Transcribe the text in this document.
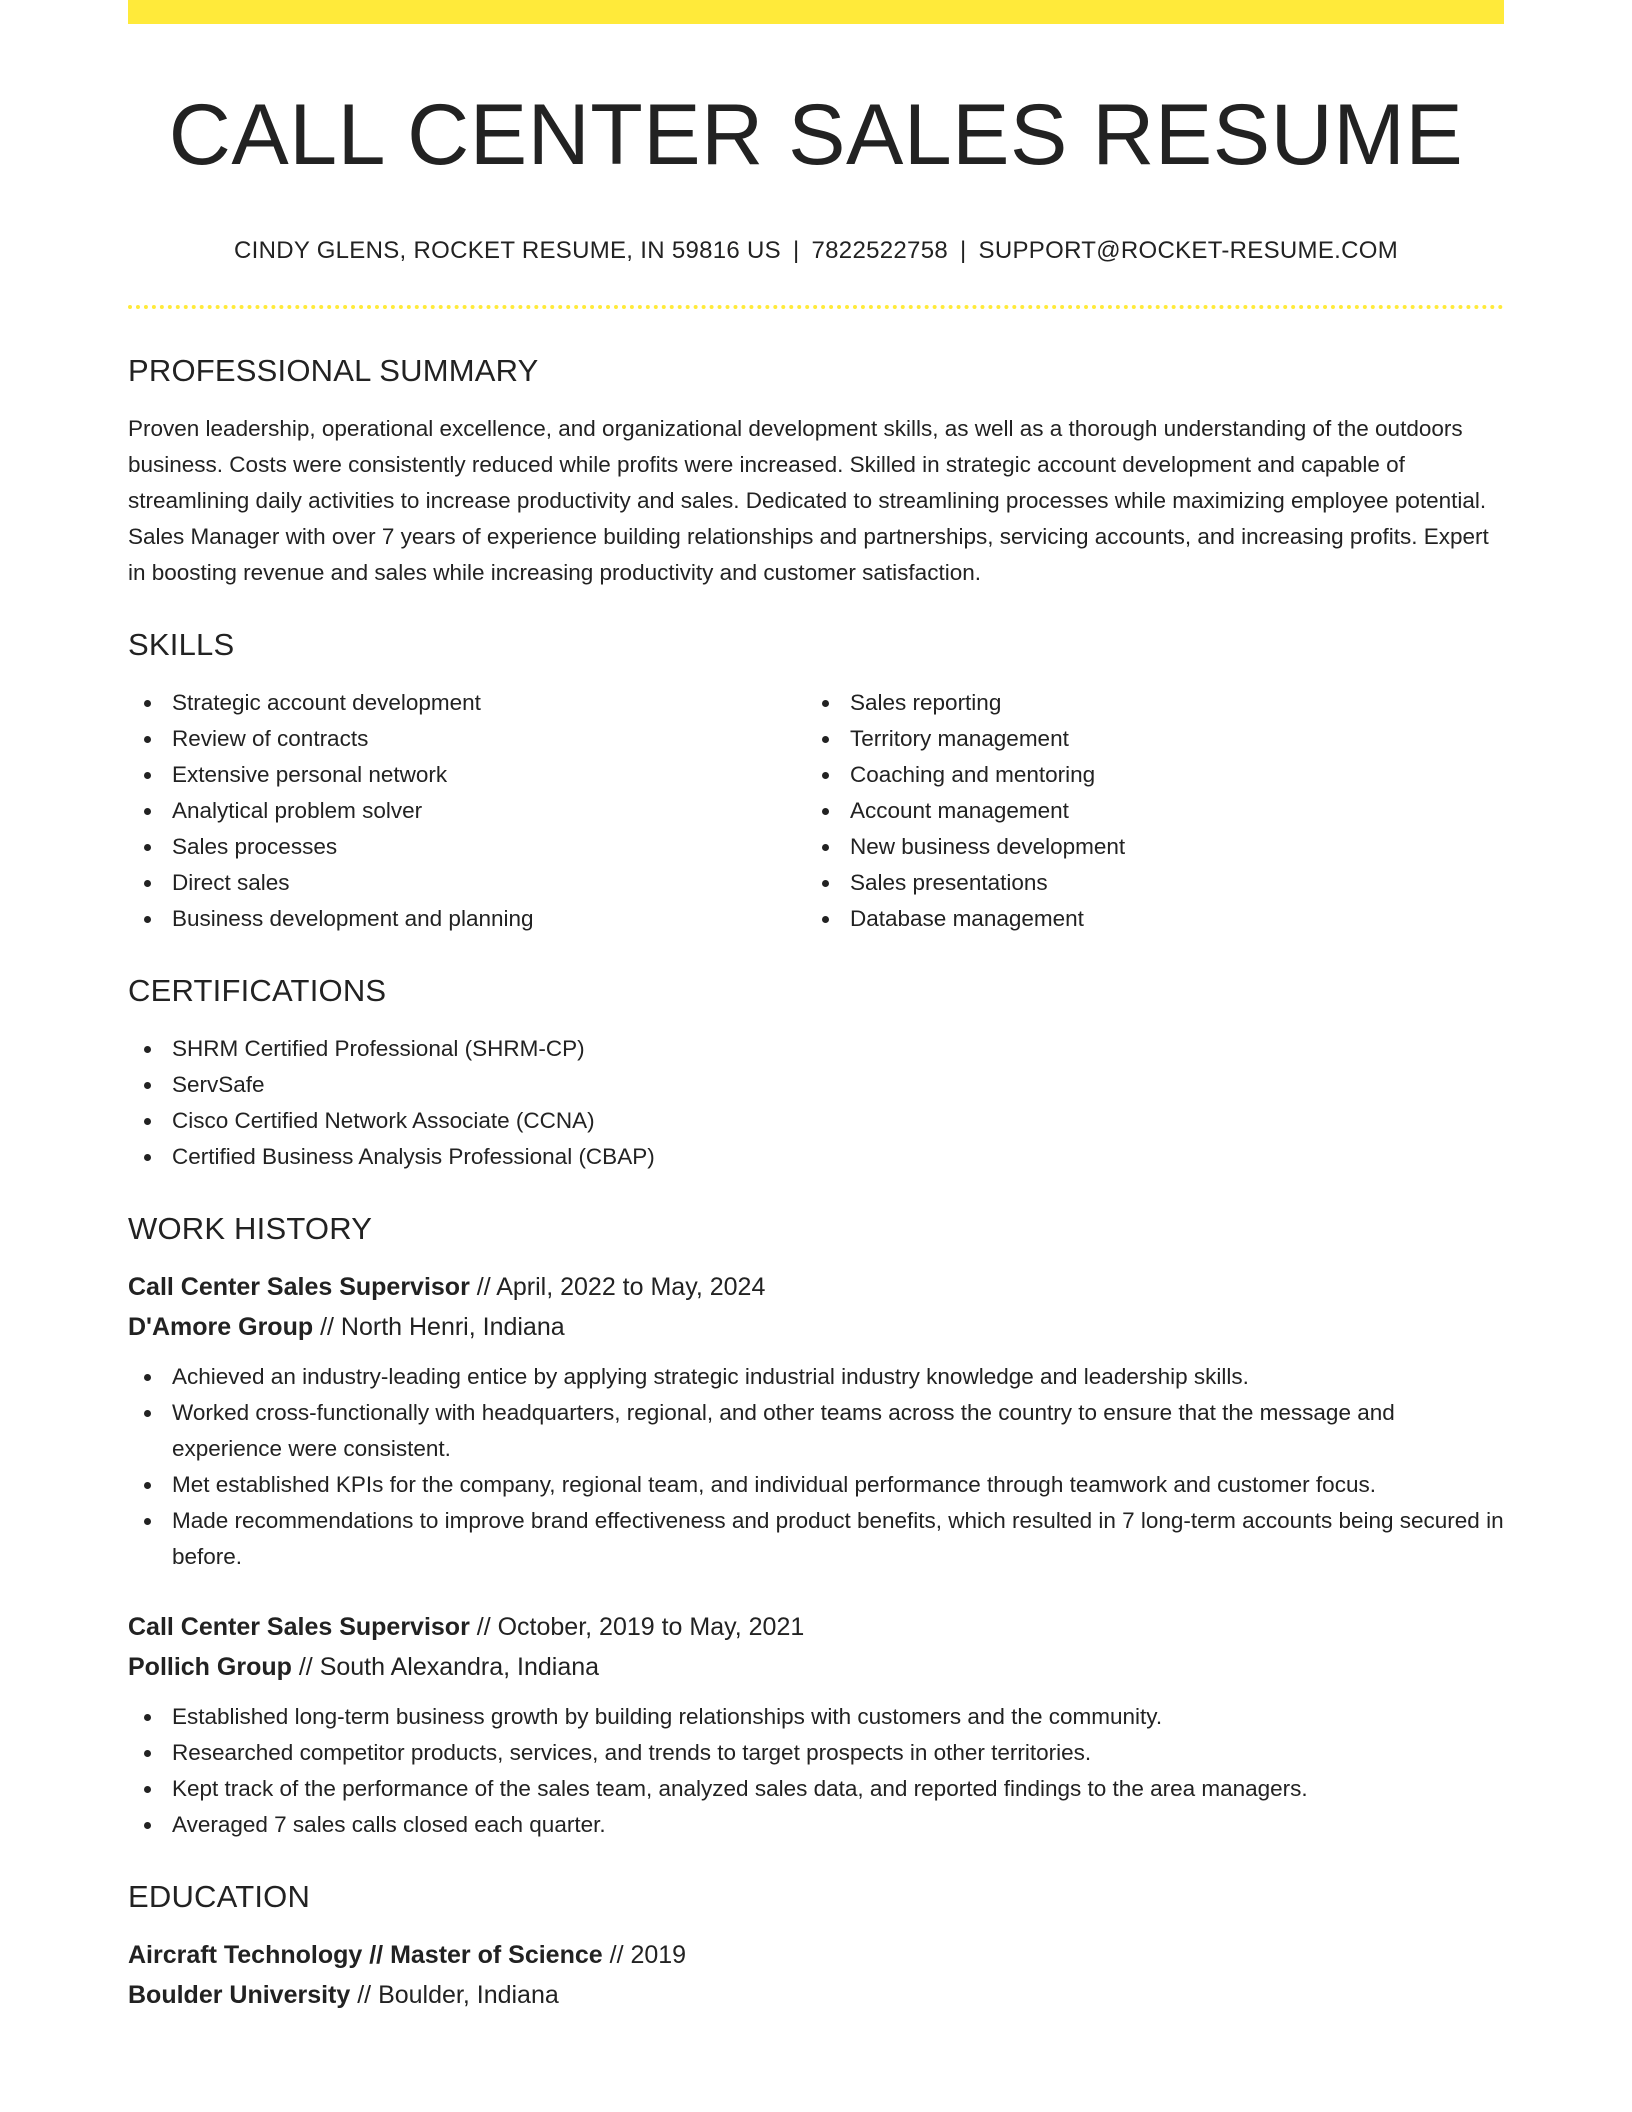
CALL CENTER SALES RESUME
CINDY GLENS, ROCKET RESUME, IN 59816 US | 7822522758 | SUPPORT@ROCKET-RESUME.COM
PROFESSIONAL SUMMARY

Proven leadership, operational excellence, and organizational development skills, as well as a thorough understanding of the outdoors business. Costs were consistently reduced while profits were increased. Skilled in strategic account development and capable of streamlining daily activities to increase productivity and sales. Dedicated to streamlining processes while maximizing employee potential. Sales Manager with over 7 years of experience building relationships and partnerships, servicing accounts, and increasing profits. Expert in boosting revenue and sales while increasing productivity and customer satisfaction.

SKILLS
Strategic account development
Review of contracts
Extensive personal network
Analytical problem solver
Sales processes
Direct sales
Business development and planning
Sales reporting
Territory management
Coaching and mentoring
Account management
New business development
Sales presentations
Database management
CERTIFICATIONS
SHRM Certified Professional (SHRM-CP)
ServSafe
Cisco Certified Network Associate (CCNA)
Certified Business Analysis Professional (CBAP)
WORK HISTORY
Call Center Sales Supervisor // April, 2022 to May, 2024
D'Amore Group // North Henri, Indiana
Achieved an industry-leading entice by applying strategic industrial industry knowledge and leadership skills.
Worked cross-functionally with headquarters, regional, and other teams across the country to ensure that the message and experience were consistent.
Met established KPIs for the company, regional team, and individual performance through teamwork and customer focus.
Made recommendations to improve brand effectiveness and product benefits, which resulted in 7 long-term accounts being secured in before.
Call Center Sales Supervisor // October, 2019 to May, 2021
Pollich Group // South Alexandra, Indiana
Established long-term business growth by building relationships with customers and the community.
Researched competitor products, services, and trends to target prospects in other territories.
Kept track of the performance of the sales team, analyzed sales data, and reported findings to the area managers.
Averaged 7 sales calls closed each quarter.
EDUCATION
Aircraft Technology // Master of Science // 2019
Boulder University // Boulder, Indiana
